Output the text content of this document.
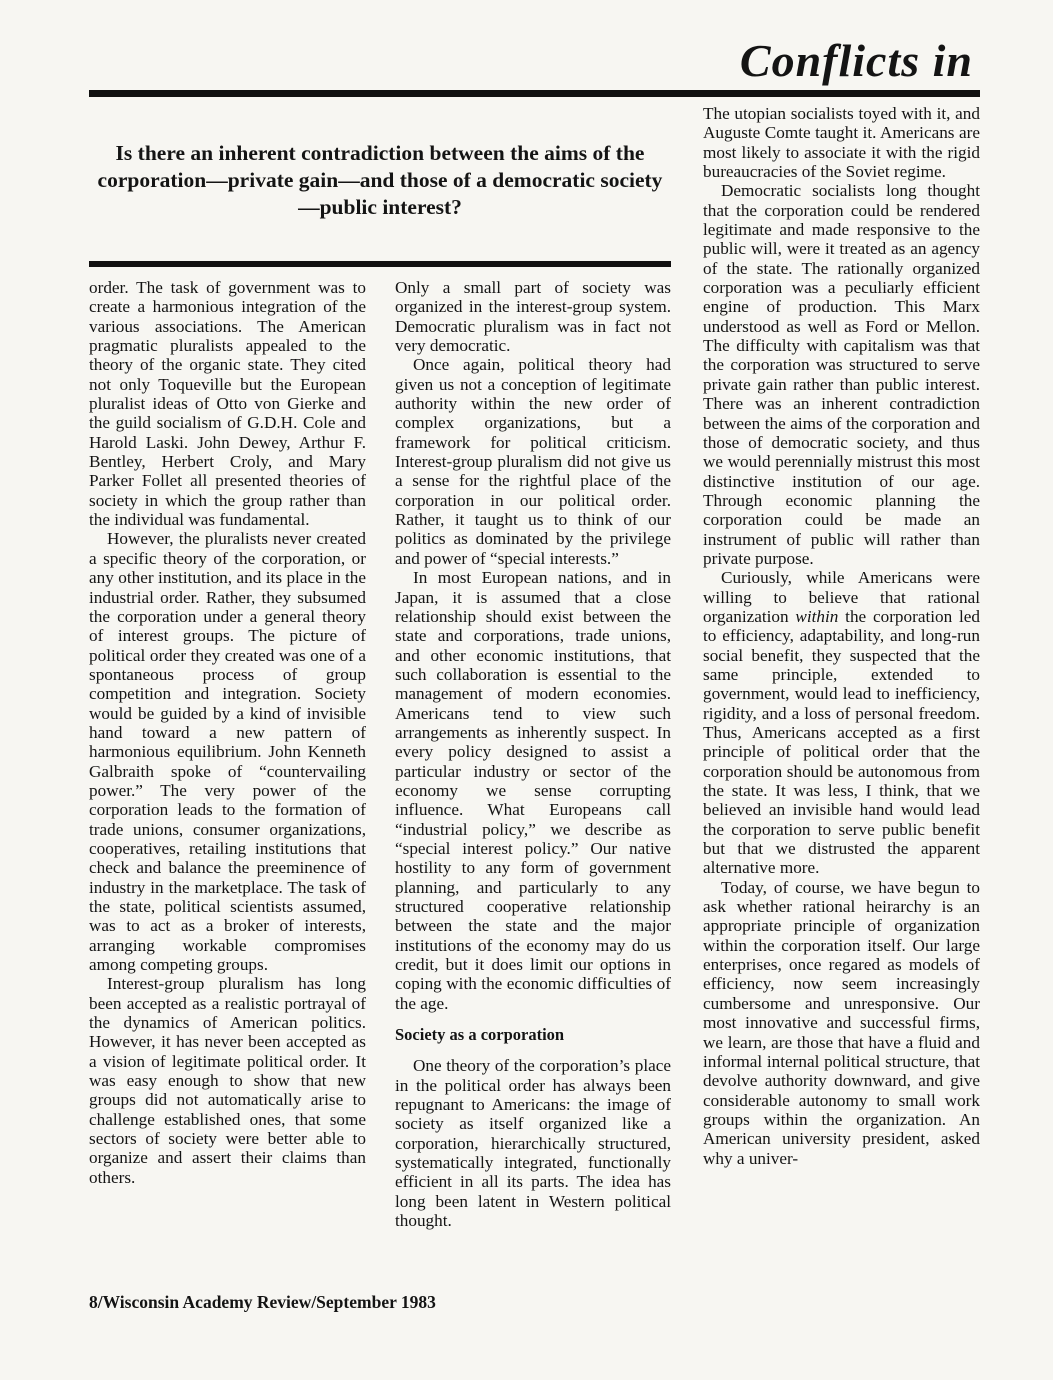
Conflicts in

Is there an inherent contradiction between the aims of the corporation—private gain—and those of a democratic society—public interest?

order. The task of government was to create a harmonious integration of the various associations. The American pragmatic pluralists appealed to the theory of the organic state. They cited not only Toqueville but the European pluralist ideas of Otto von Gierke and the guild socialism of G.D.H. Cole and Harold Laski. John Dewey, Arthur F. Bentley, Herbert Croly, and Mary Parker Follet all presented theories of society in which the group rather than the individual was fundamental.

However, the pluralists never created a specific theory of the corporation, or any other institution, and its place in the industrial order. Rather, they subsumed the corporation under a general theory of interest groups. The picture of political order they created was one of a spontaneous process of group competition and integration. Society would be guided by a kind of invisible hand toward a new pattern of harmonious equilibrium. John Kenneth Galbraith spoke of “countervailing power.” The very power of the corporation leads to the formation of trade unions, consumer organizations, cooperatives, retailing institutions that check and balance the preeminence of industry in the marketplace. The task of the state, political scientists assumed, was to act as a broker of interests, arranging workable compromises among competing groups.

Interest-group pluralism has long been accepted as a realistic portrayal of the dynamics of American politics. However, it has never been accepted as a vision of legitimate political order. It was easy enough to show that new groups did not automatically arise to challenge established ones, that some sectors of society were better able to organize and assert their claims than others.

Only a small part of society was organized in the interest-group system. Democratic pluralism was in fact not very democratic.

Once again, political theory had given us not a conception of legitimate authority within the new order of complex organizations, but a framework for political criticism. Interest-group pluralism did not give us a sense for the rightful place of the corporation in our political order. Rather, it taught us to think of our politics as dominated by the privilege and power of “special interests.”

In most European nations, and in Japan, it is assumed that a close relationship should exist between the state and corporations, trade unions, and other economic institutions, that such collaboration is essential to the management of modern economies. Americans tend to view such arrangements as inherently suspect. In every policy designed to assist a particular industry or sector of the economy we sense corrupting influence. What Europeans call “industrial policy,” we describe as “special interest policy.” Our native hostility to any form of government planning, and particularly to any structured cooperative relationship between the state and the major institutions of the economy may do us credit, but it does limit our options in coping with the economic difficulties of the age.

Society as a corporation

One theory of the corporation’s place in the political order has always been repugnant to Americans: the image of society as itself organized like a corporation, hierarchically structured, systematically integrated, functionally efficient in all its parts. The idea has long been latent in Western political thought.

The utopian socialists toyed with it, and Auguste Comte taught it. Americans are most likely to associate it with the rigid bureaucracies of the Soviet regime.

Democratic socialists long thought that the corporation could be rendered legitimate and made responsive to the public will, were it treated as an agency of the state. The rationally organized corporation was a peculiarly efficient engine of production. This Marx understood as well as Ford or Mellon. The difficulty with capitalism was that the corporation was structured to serve private gain rather than public interest. There was an inherent contradiction between the aims of the corporation and those of democratic society, and thus we would perennially mistrust this most distinctive institution of our age. Through economic planning the corporation could be made an instrument of public will rather than private purpose.

Curiously, while Americans were willing to believe that rational organization within the corporation led to efficiency, adaptability, and long-run social benefit, they suspected that the same principle, extended to government, would lead to inefficiency, rigidity, and a loss of personal freedom. Thus, Americans accepted as a first principle of political order that the corporation should be autonomous from the state. It was less, I think, that we believed an invisible hand would lead the corporation to serve public benefit but that we distrusted the apparent alternative more.

Today, of course, we have begun to ask whether rational heirarchy is an appropriate principle of organization within the corporation itself. Our large enterprises, once regared as models of efficiency, now seem increasingly cumbersome and unresponsive. Our most innovative and successful firms, we learn, are those that have a fluid and informal internal political structure, that devolve authority downward, and give considerable autonomy to small work groups within the organization. An American university president, asked why a univer-

8/Wisconsin Academy Review/September 1983
